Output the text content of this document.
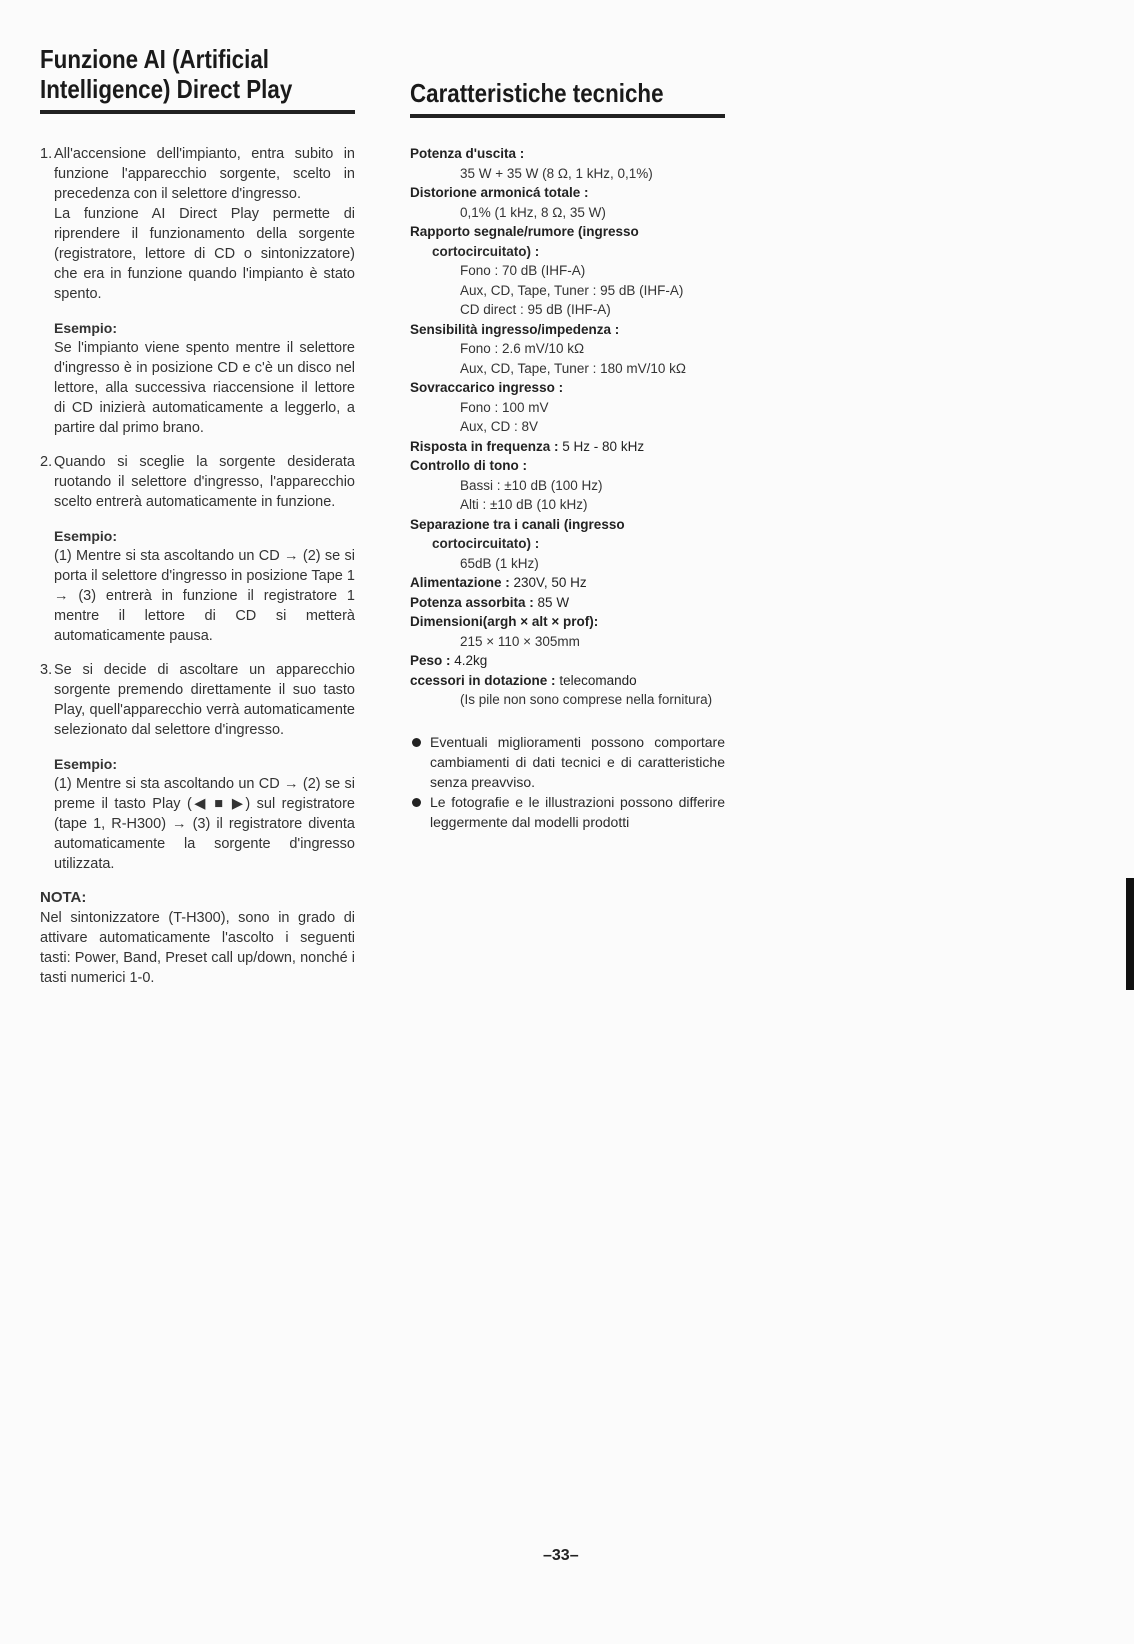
Funzione AI (Artificial
Intelligence) Direct Play
1. All'accensione dell'impianto, entra subito in funzione l'apparecchio sorgente, scelto in precedenza con il selettore d'ingresso.

La funzione AI Direct Play permette di riprendere il funzionamento della sorgente (registratore, lettore di CD o sintonizzatore) che era in funzione quando l'impianto è stato spento.

Esempio:

Se l'impianto viene spento mentre il selettore d'ingresso è in posizione CD e c'è un disco nel lettore, alla successiva riaccensione il lettore di CD inizierà automaticamente a leggerlo, a partire dal primo brano.

2. Quando si sceglie la sorgente desiderata ruotando il selettore d'ingresso, l'apparecchio scelto entrerà automaticamente in funzione.

Esempio:

(1) Mentre si sta ascoltando un CD → (2) se si porta il selettore d'ingresso in posizione Tape 1 → (3) entrerà in funzione il registratore 1 mentre il lettore di CD si metterà automaticamente pausa.

3. Se si decide di ascoltare un apparecchio sorgente premendo direttamente il suo tasto Play, quell'apparecchio verrà automaticamente selezionato dal selettore d'ingresso.

Esempio:

(1) Mentre si sta ascoltando un CD → (2) se si preme il tasto Play (◀ ■ ▶) sul registratore (tape 1, R-H300) → (3) il registratore diventa automaticamente la sorgente d'ingresso utilizzata.

NOTA:

Nel sintonizzatore (T-H300), sono in grado di attivare automaticamente l'ascolto i seguenti tasti: Power, Band, Preset call up/down, nonché i tasti numerici 1-0.

Caratteristiche tecniche
Potenza d'uscita :
35 W + 35 W (8 Ω, 1 kHz, 0,1%)
Distorione armonicá totale :
0,1% (1 kHz, 8 Ω, 35 W)
Rapporto segnale/rumore (ingresso
cortocircuitato) :
Fono : 70 dB (IHF-A)
Aux, CD, Tape, Tuner : 95 dB (IHF-A)
CD direct : 95 dB (IHF-A)
Sensibilità ingresso/impedenza :
Fono : 2.6 mV/10 kΩ
Aux, CD, Tape, Tuner : 180 mV/10 kΩ
Sovraccarico ingresso :
Fono : 100 mV
Aux, CD : 8V
Risposta in frequenza : 5 Hz - 80 kHz
Controllo di tono :
Bassi : ±10 dB (100 Hz)
Alti : ±10 dB (10 kHz)
Separazione tra i canali (ingresso
cortocircuitato) :
65dB (1 kHz)
Alimentazione : 230V, 50 Hz
Potenza assorbita : 85 W
Dimensioni(argh × alt × prof):
215 × 110 × 305mm
Peso : 4.2kg
ccessori in dotazione : telecomando
(Is pile non sono comprese nella fornitura)
Eventuali miglioramenti possono comportare cambiamenti di dati tecnici e di caratteristiche senza preavviso.
Le fotografie e le illustrazioni possono differire leggermente dal modelli prodotti
–33–
